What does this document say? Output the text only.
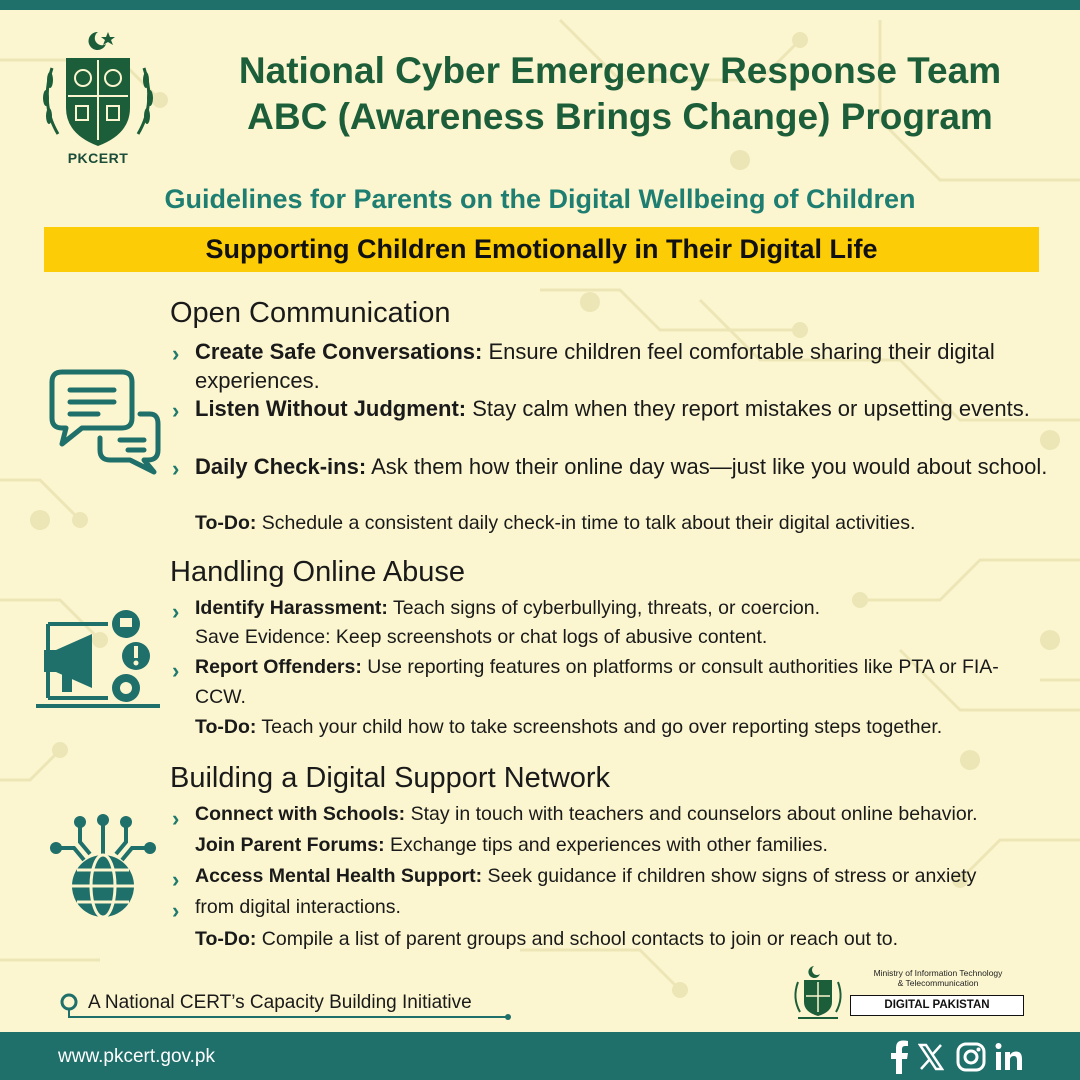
PKCERT
National Cyber Emergency Response Team
ABC (Awareness Brings Change) Program
Guidelines for Parents on the Digital Wellbeing of Children
Supporting Children Emotionally in Their Digital Life
Open Communication
› Create Safe Conversations: Ensure children feel comfortable sharing their digital experiences.
› Listen Without Judgment: Stay calm when they report mistakes or upsetting events.
› Daily Check-ins: Ask them how their online day was—just like you would about school.
To-Do: Schedule a consistent daily check-in time to talk about their digital activities.
Handling Online Abuse
› Identify Harassment: Teach signs of cyberbullying, threats, or coercion.
Save Evidence: Keep screenshots or chat logs of abusive content.
› Report Offenders: Use reporting features on platforms or consult authorities like PTA or FIA- CCW.
To-Do: Teach your child how to take screenshots and go over reporting steps together.
Building a Digital Support Network
› Connect with Schools: Stay in touch with teachers and counselors about online behavior.
Join Parent Forums: Exchange tips and experiences with other families.
› Access Mental Health Support: Seek guidance if children show signs of stress or anxiety
› from digital interactions.
To-Do: Compile a list of parent groups and school contacts to join or reach out to.
A National CERT’s Capacity Building Initiative
Ministry of Information Technology
& Telecommunication
DIGITAL PAKISTAN
www.pkcert.gov.pk
